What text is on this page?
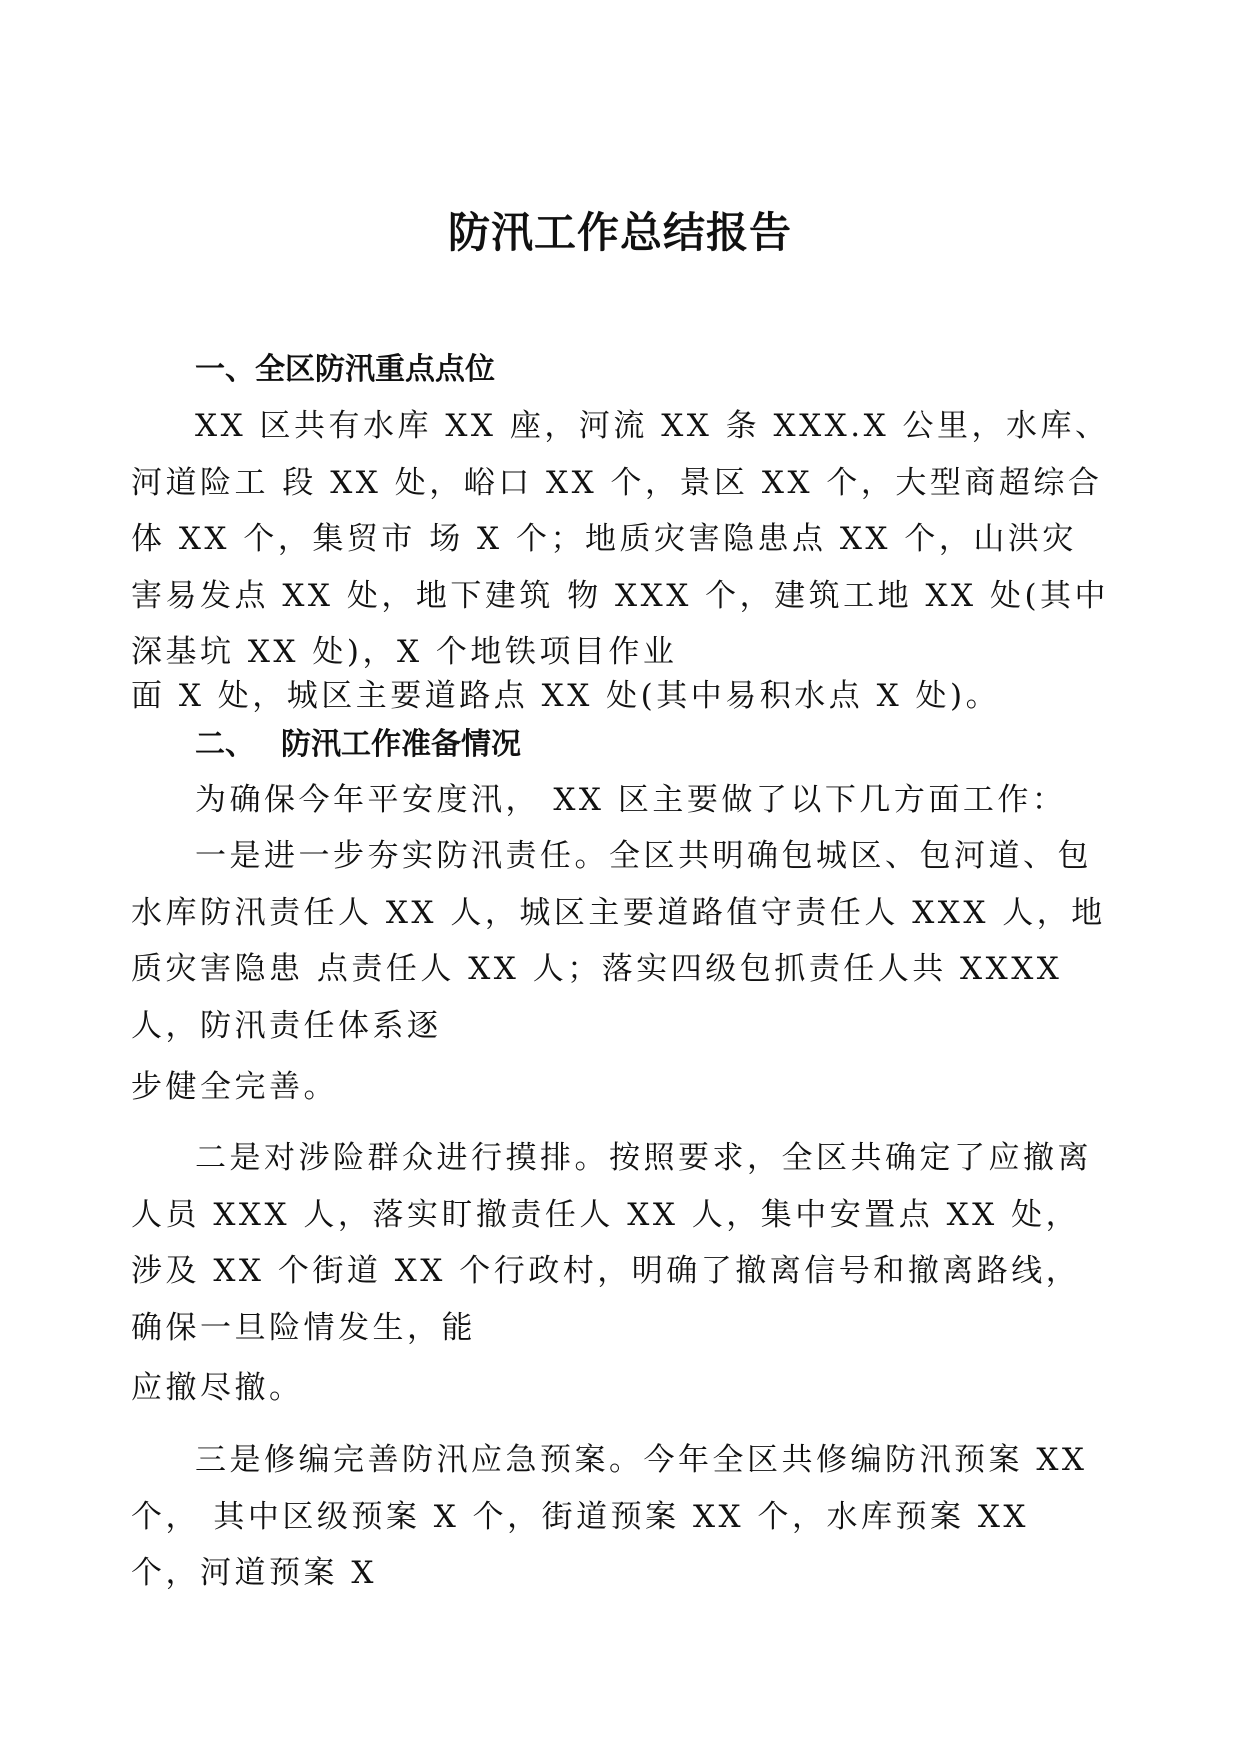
防汛工作总结报告
一、全区防汛重点点位

XX 区共有水库 XX 座，河流 XX 条 XXX.X 公里，水库、河道险工 段 XX 处，峪口 XX 个，景区 XX 个，大型商超综合体 XX 个，集贸市 场 X 个；地质灾害隐患点 XX 个，山洪灾害易发点 XX 处，地下建筑 物 XXX 个，建筑工地 XX 处(其中深基坑 XX 处)，X 个地铁项目作业

面 X 处，城区主要道路点 XX 处(其中易积水点 X 处)。

二、 防汛工作准备情况

为确保今年平安度汛， XX 区主要做了以下几方面工作：

一是进一步夯实防汛责任。全区共明确包城区、包河道、包水库防汛责任人 XX 人，城区主要道路值守责任人 XXX 人，地质灾害隐患 点责任人 XX 人；落实四级包抓责任人共 XXXX 人，防汛责任体系逐

步健全完善。

二是对涉险群众进行摸排。按照要求，全区共确定了应撤离人员 XXX 人，落实盯撤责任人 XX 人，集中安置点 XX 处，涉及 XX 个街道 XX 个行政村，明确了撤离信号和撤离路线，确保一旦险情发生，能

应撤尽撤。

三是修编完善防汛应急预案。今年全区共修编防汛预案 XX 个， 其中区级预案 X 个，街道预案 XX 个，水库预案 XX 个，河道预案 X
